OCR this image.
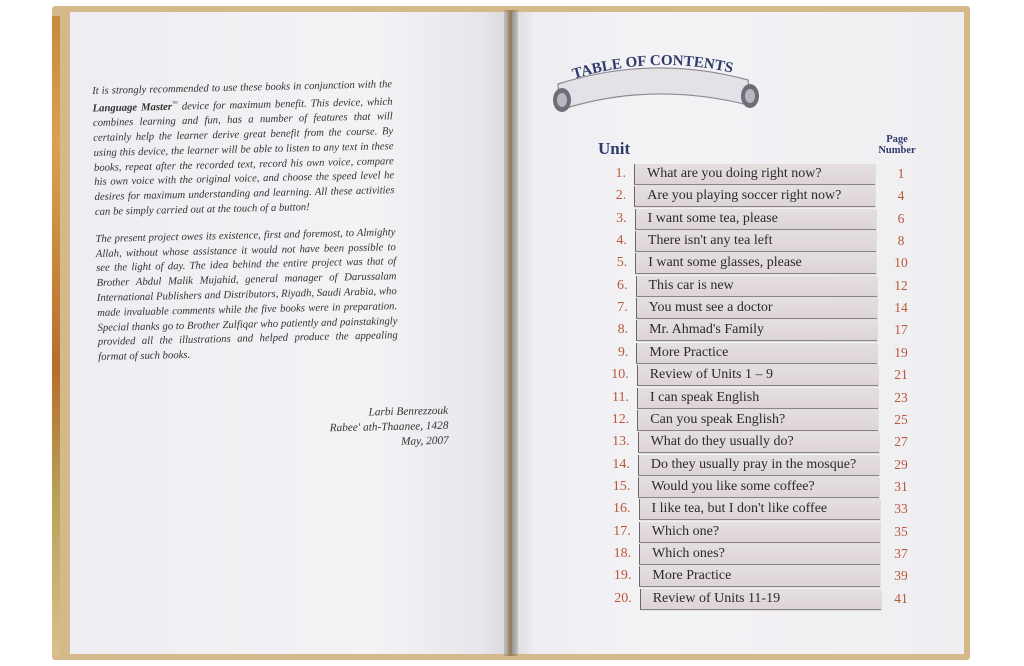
It is strongly recommended to use these books in conjunction with the Language Master™ device for maximum benefit. This device, which combines learning and fun, has a number of features that will certainly help the learner derive great benefit from the course. By using this device, the learner will be able to listen to any text in these books, repeat after the recorded text, record his own voice, compare his own voice with the original voice, and choose the speed level he desires for maximum understanding and learning. All these activities can be simply carried out at the touch of a button!

The present project owes its existence, first and foremost, to Almighty Allah, without whose assistance it would not have been possible to see the light of day. The idea behind the entire project was that of Brother Abdul Malik Mujahid, general manager of Darussalam International Publishers and Distributors, Riyadh, Saudi Arabia, who made invaluable comments while the five books were in preparation. Special thanks go to Brother Zulfiqar who patiently and painstakingly provided all the illustrations and helped produce the appealing format of such books.

Larbi Benrezzouk
Rabee' ath-Thaanee, 1428
May, 2007
TABLE OF CONTENTS
Unit	Page
Number
1. What are you doing right now?	1
2. Are you playing soccer right now?	4
3. I want some tea, please	6
4. There isn't any tea left	8
5. I want some glasses, please	10
6. This car is new	12
7. You must see a doctor	14
8. Mr. Ahmad's Family	17
9. More Practice	19
10. Review of Units 1 – 9	21
11. I can speak English	23
12. Can you speak English?	25
13. What do they usually do?	27
14. Do they usually pray in the mosque?	29
15. Would you like some coffee?	31
16. I like tea, but I don't like coffee	33
17. Which one?	35
18. Which ones?	37
19. More Practice	39
20. Review of Units 11-19	41
